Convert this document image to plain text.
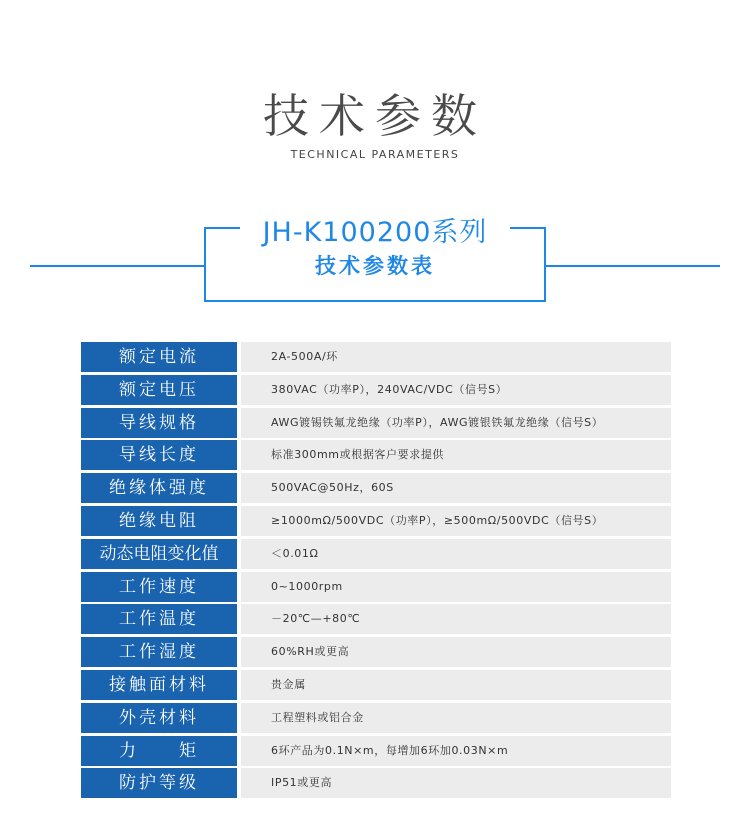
技术参数
TECHNICAL PARAMETERS
JH-K100200系列
技术参数表
额定电流	2A-500A/环
额定电压	380VAC（功率P），240VAC/VDC（信号S）
导线规格	AWG镀锡铁氟龙绝缘（功率P），AWG镀银铁氟龙绝缘（信号S）
导线长度	标准300mm或根据客户要求提供
绝缘体强度	500VAC@50Hz，60S
绝缘电阻	≥1000mΩ/500VDC（功率P），≥500mΩ/500VDC（信号S）
动态电阻变化值	＜0.01Ω
工作速度	0~1000rpm
工作温度	－20℃—+80℃
工作湿度	60%RH或更高
接触面材料	贵金属
外壳材料	工程塑料或铝合金
力　　矩	6环产品为0.1N×m，每增加6环加0.03N×m
防护等级	IP51或更高
